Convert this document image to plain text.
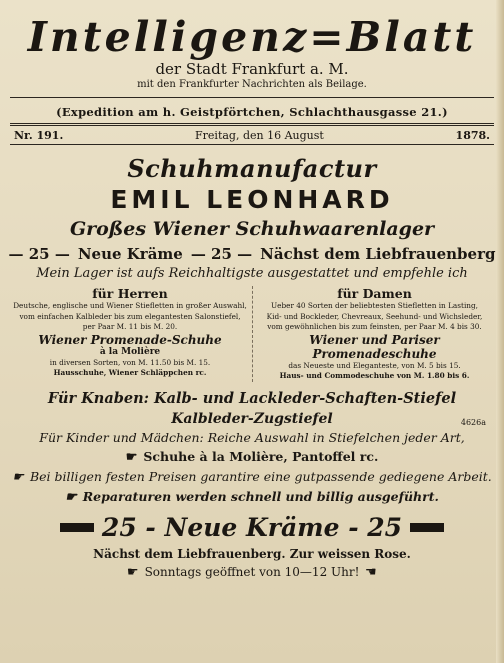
Intelligenz=Blatt
der Stadt Frankfurt a. M.
mit den Frankfurter Nachrichten als Beilage.
(Expedition am h. Geistpförtchen, Schlachthausgasse 21.)
Nr. 191.	Freitag, den 16 August	1878.
Schuhmanufactur
EMIL LEONHARD
Großes Wiener Schuhwaarenlager
— 25 — Neue Kräme — 25 — Nächst dem Liebfrauenberg
Mein Lager ist aufs Reichhaltigste ausgestattet und empfehle ich
für Herren
Deutsche, englische und Wiener Stiefletten in großer Auswahl,
vom einfachen Kalbleder bis zum elegantesten Salonstiefel,
per Paar M. 11 bis M. 20.
Wiener Promenade-Schuhe
à la Molière
in diversen Sorten, von M. 11.50 bis M. 15.
Hausschuhe, Wiener Schläppchen rc.
für Damen
Ueber 40 Sorten der beliebtesten Stiefletten in Lasting,
Kid- und Bockleder, Chevreaux, Seehund- und Wichsleder,
vom gewöhnlichen bis zum feinsten, per Paar M. 4 bis 30.
Wiener und Pariser
Promenadeschuhe
das Neueste und Eleganteste, von M. 5 bis 15.
Haus- und Commodeschuhe von M. 1.80 bis 6.
Für Knaben: Kalb- und Lackleder-Schaften-Stiefel
Kalbleder-Zugstiefel	4626a
Für Kinder und Mädchen: Reiche Auswahl in Stiefelchen jeder Art,
☛ Schuhe à la Molière, Pantoffel rc.
☛ Bei billigen festen Preisen garantire eine gutpassende gediegene Arbeit.
☛ Reparaturen werden schnell und billig ausgeführt.
25 - Neue Kräme - 25
Nächst dem Liebfrauenberg. Zur weissen Rose.
☛ Sonntags geöffnet von 10—12 Uhr! ☛
